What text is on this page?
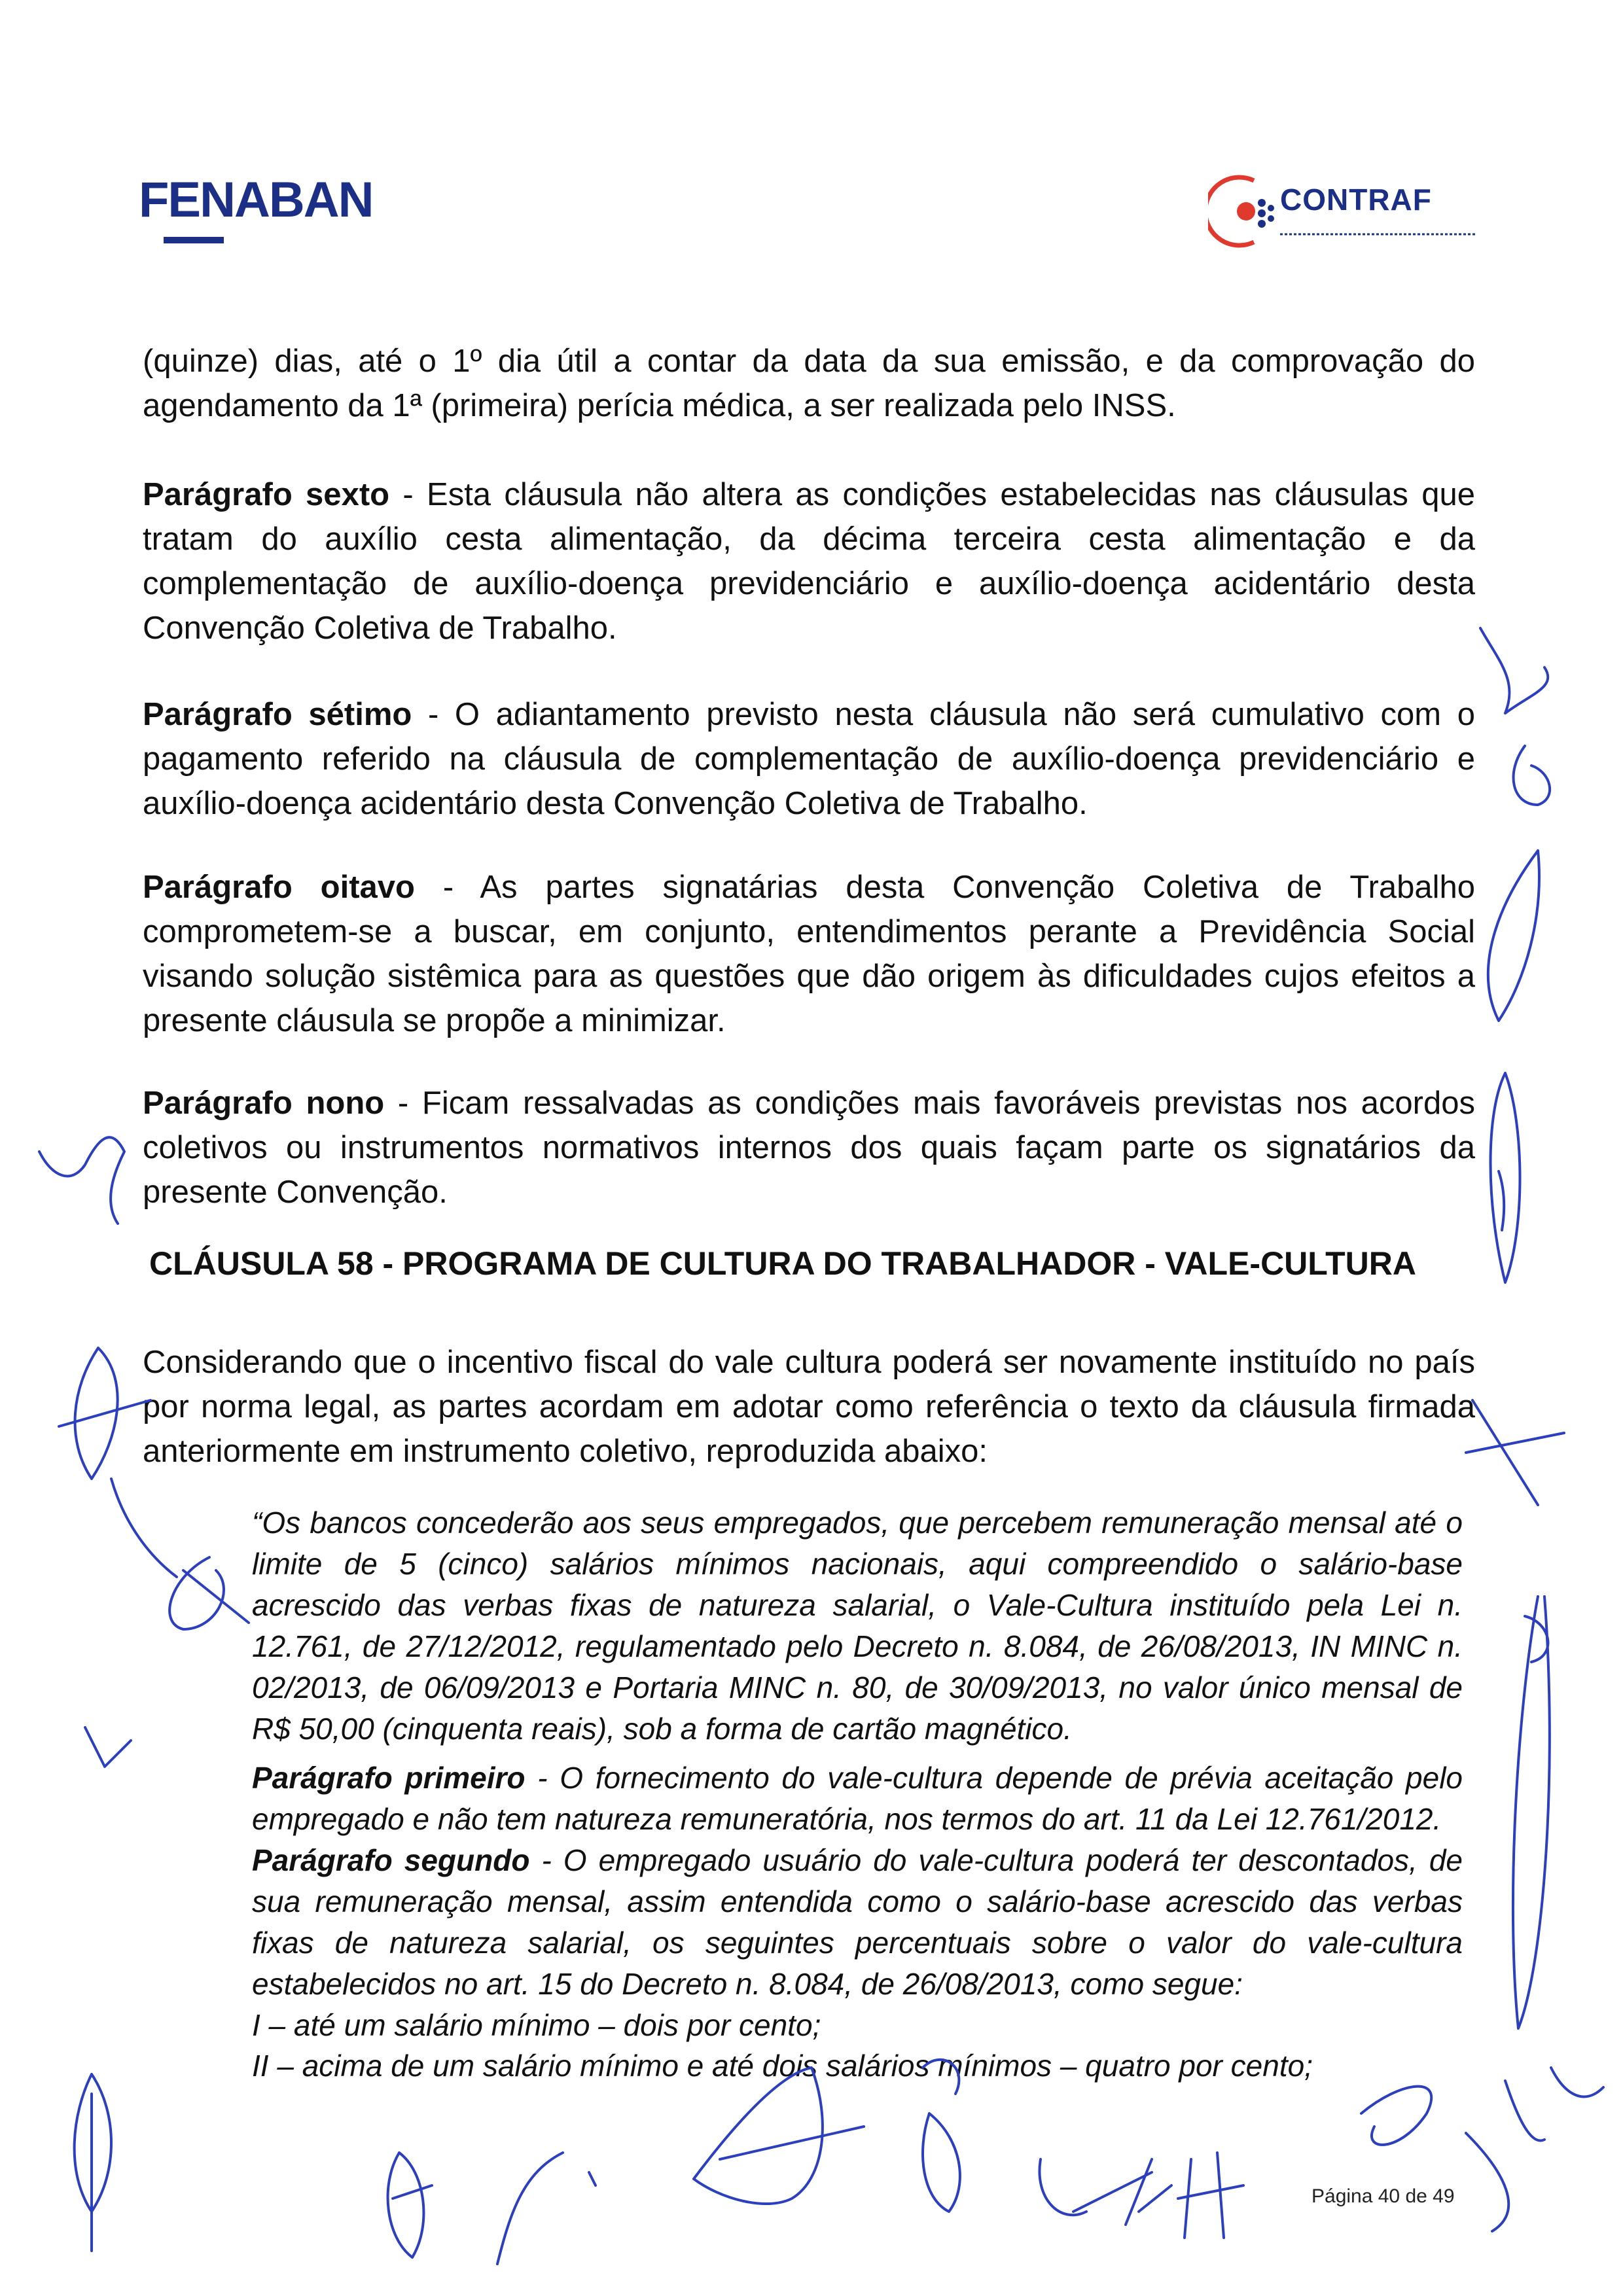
FENABAN	CONTRAF
(quinze) dias, até o 1º dia útil a contar da data da sua emissão, e da comprovação do agendamento da 1ª (primeira) perícia médica, a ser realizada pelo INSS.
Parágrafo sexto - Esta cláusula não altera as condições estabelecidas nas cláusulas que tratam do auxílio cesta alimentação, da décima terceira cesta alimentação e da complementação de auxílio-doença previdenciário e auxílio-doença acidentário desta Convenção Coletiva de Trabalho.
Parágrafo sétimo - O adiantamento previsto nesta cláusula não será cumulativo com o pagamento referido na cláusula de complementação de auxílio-doença previdenciário e auxílio-doença acidentário desta Convenção Coletiva de Trabalho.
Parágrafo oitavo - As partes signatárias desta Convenção Coletiva de Trabalho comprometem-se a buscar, em conjunto, entendimentos perante a Previdência Social visando solução sistêmica para as questões que dão origem às dificuldades cujos efeitos a presente cláusula se propõe a minimizar.
Parágrafo nono - Ficam ressalvadas as condições mais favoráveis previstas nos acordos coletivos ou instrumentos normativos internos dos quais façam parte os signatários da presente Convenção.
CLÁUSULA 58 - PROGRAMA DE CULTURA DO TRABALHADOR - VALE-CULTURA
Considerando que o incentivo fiscal do vale cultura poderá ser novamente instituído no país por norma legal, as partes acordam em adotar como referência o texto da cláusula firmada anteriormente em instrumento coletivo, reproduzida abaixo:
“Os bancos concederão aos seus empregados, que percebem remuneração mensal até o limite de 5 (cinco) salários mínimos nacionais, aqui compreendido o salário-base acrescido das verbas fixas de natureza salarial, o Vale-Cultura instituído pela Lei n. 12.761, de 27/12/2012, regulamentado pelo Decreto n. 8.084, de 26/08/2013, IN MINC n. 02/2013, de 06/09/2013 e Portaria MINC n. 80, de 30/09/2013, no valor único mensal de R$ 50,00 (cinquenta reais), sob a forma de cartão magnético.
Parágrafo primeiro - O fornecimento do vale-cultura depende de prévia aceitação pelo empregado e não tem natureza remuneratória, nos termos do art. 11 da Lei 12.761/2012.
Parágrafo segundo - O empregado usuário do vale-cultura poderá ter descontados, de sua remuneração mensal, assim entendida como o salário-base acrescido das verbas fixas de natureza salarial, os seguintes percentuais sobre o valor do vale-cultura estabelecidos no art. 15 do Decreto n. 8.084, de 26/08/2013, como segue:
I – até um salário mínimo – dois por cento;
II – acima de um salário mínimo e até dois salários mínimos – quatro por cento;
Página 40 de 49
